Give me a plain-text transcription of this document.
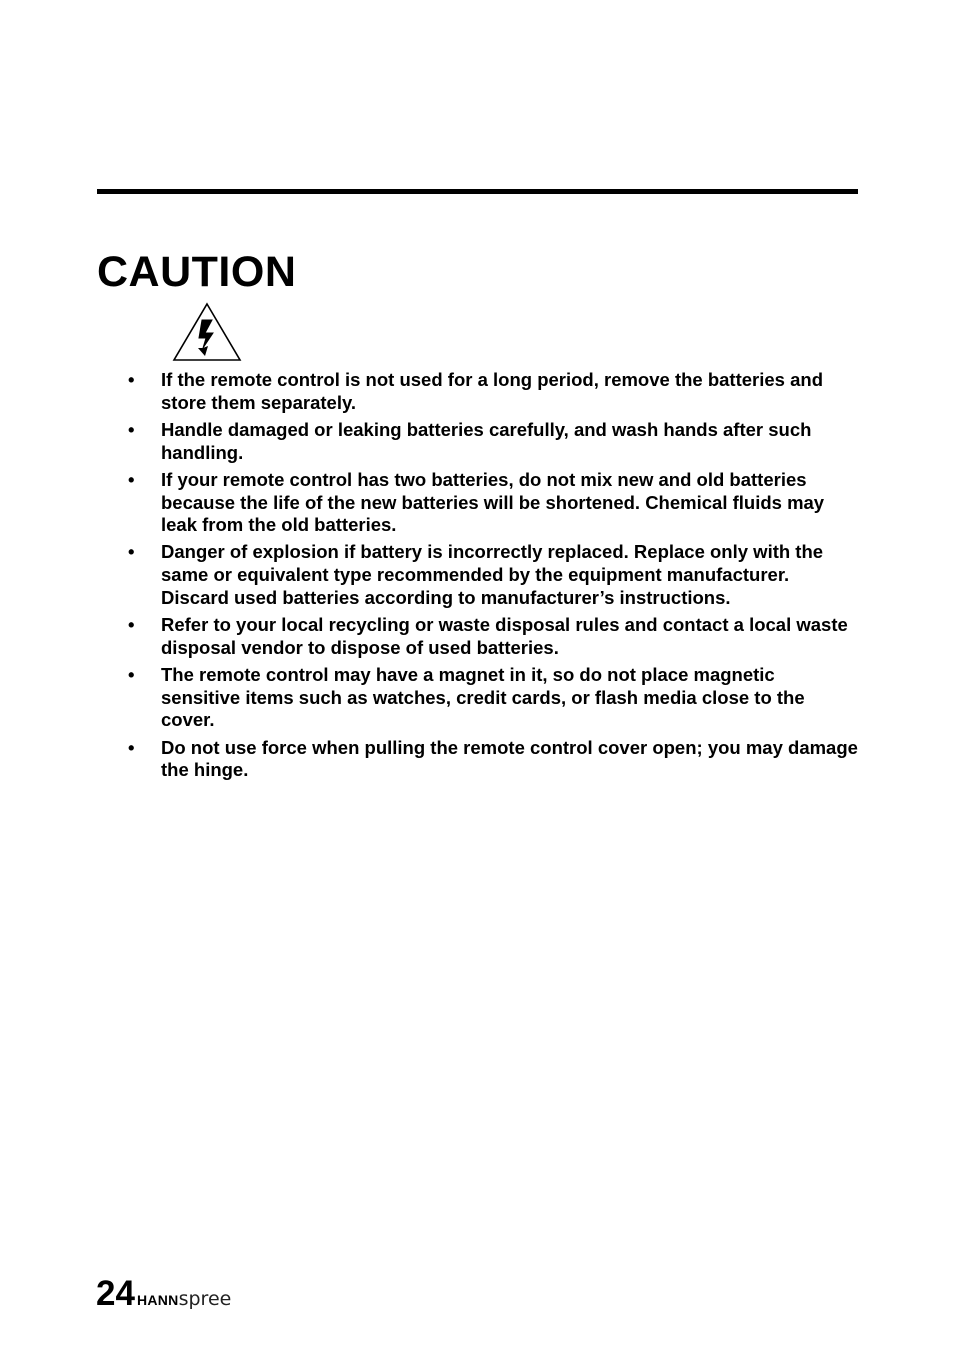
CAUTION
• If the remote control is not used for a long period, remove the batteries and store them separately.
• Handle damaged or leaking batteries carefully, and wash hands after such handling.
• If your remote control has two batteries, do not mix new and old batteries because the life of the new batteries will be shortened. Chemical fluids may leak from the old batteries.
• Danger of explosion if battery is incorrectly replaced. Replace only with the same or equivalent type recommended by the equipment manufacturer. Discard used batteries according to manufacturer’s instructions.
• Refer to your local recycling or waste disposal rules and contact a local waste disposal vendor to dispose of used batteries.
• The remote control may have a magnet in it, so do not place magnetic sensitive items such as watches, credit cards, or flash media close to the cover.
• Do not use force when pulling the remote control cover open; you may damage the hinge.
24 HANNspree
